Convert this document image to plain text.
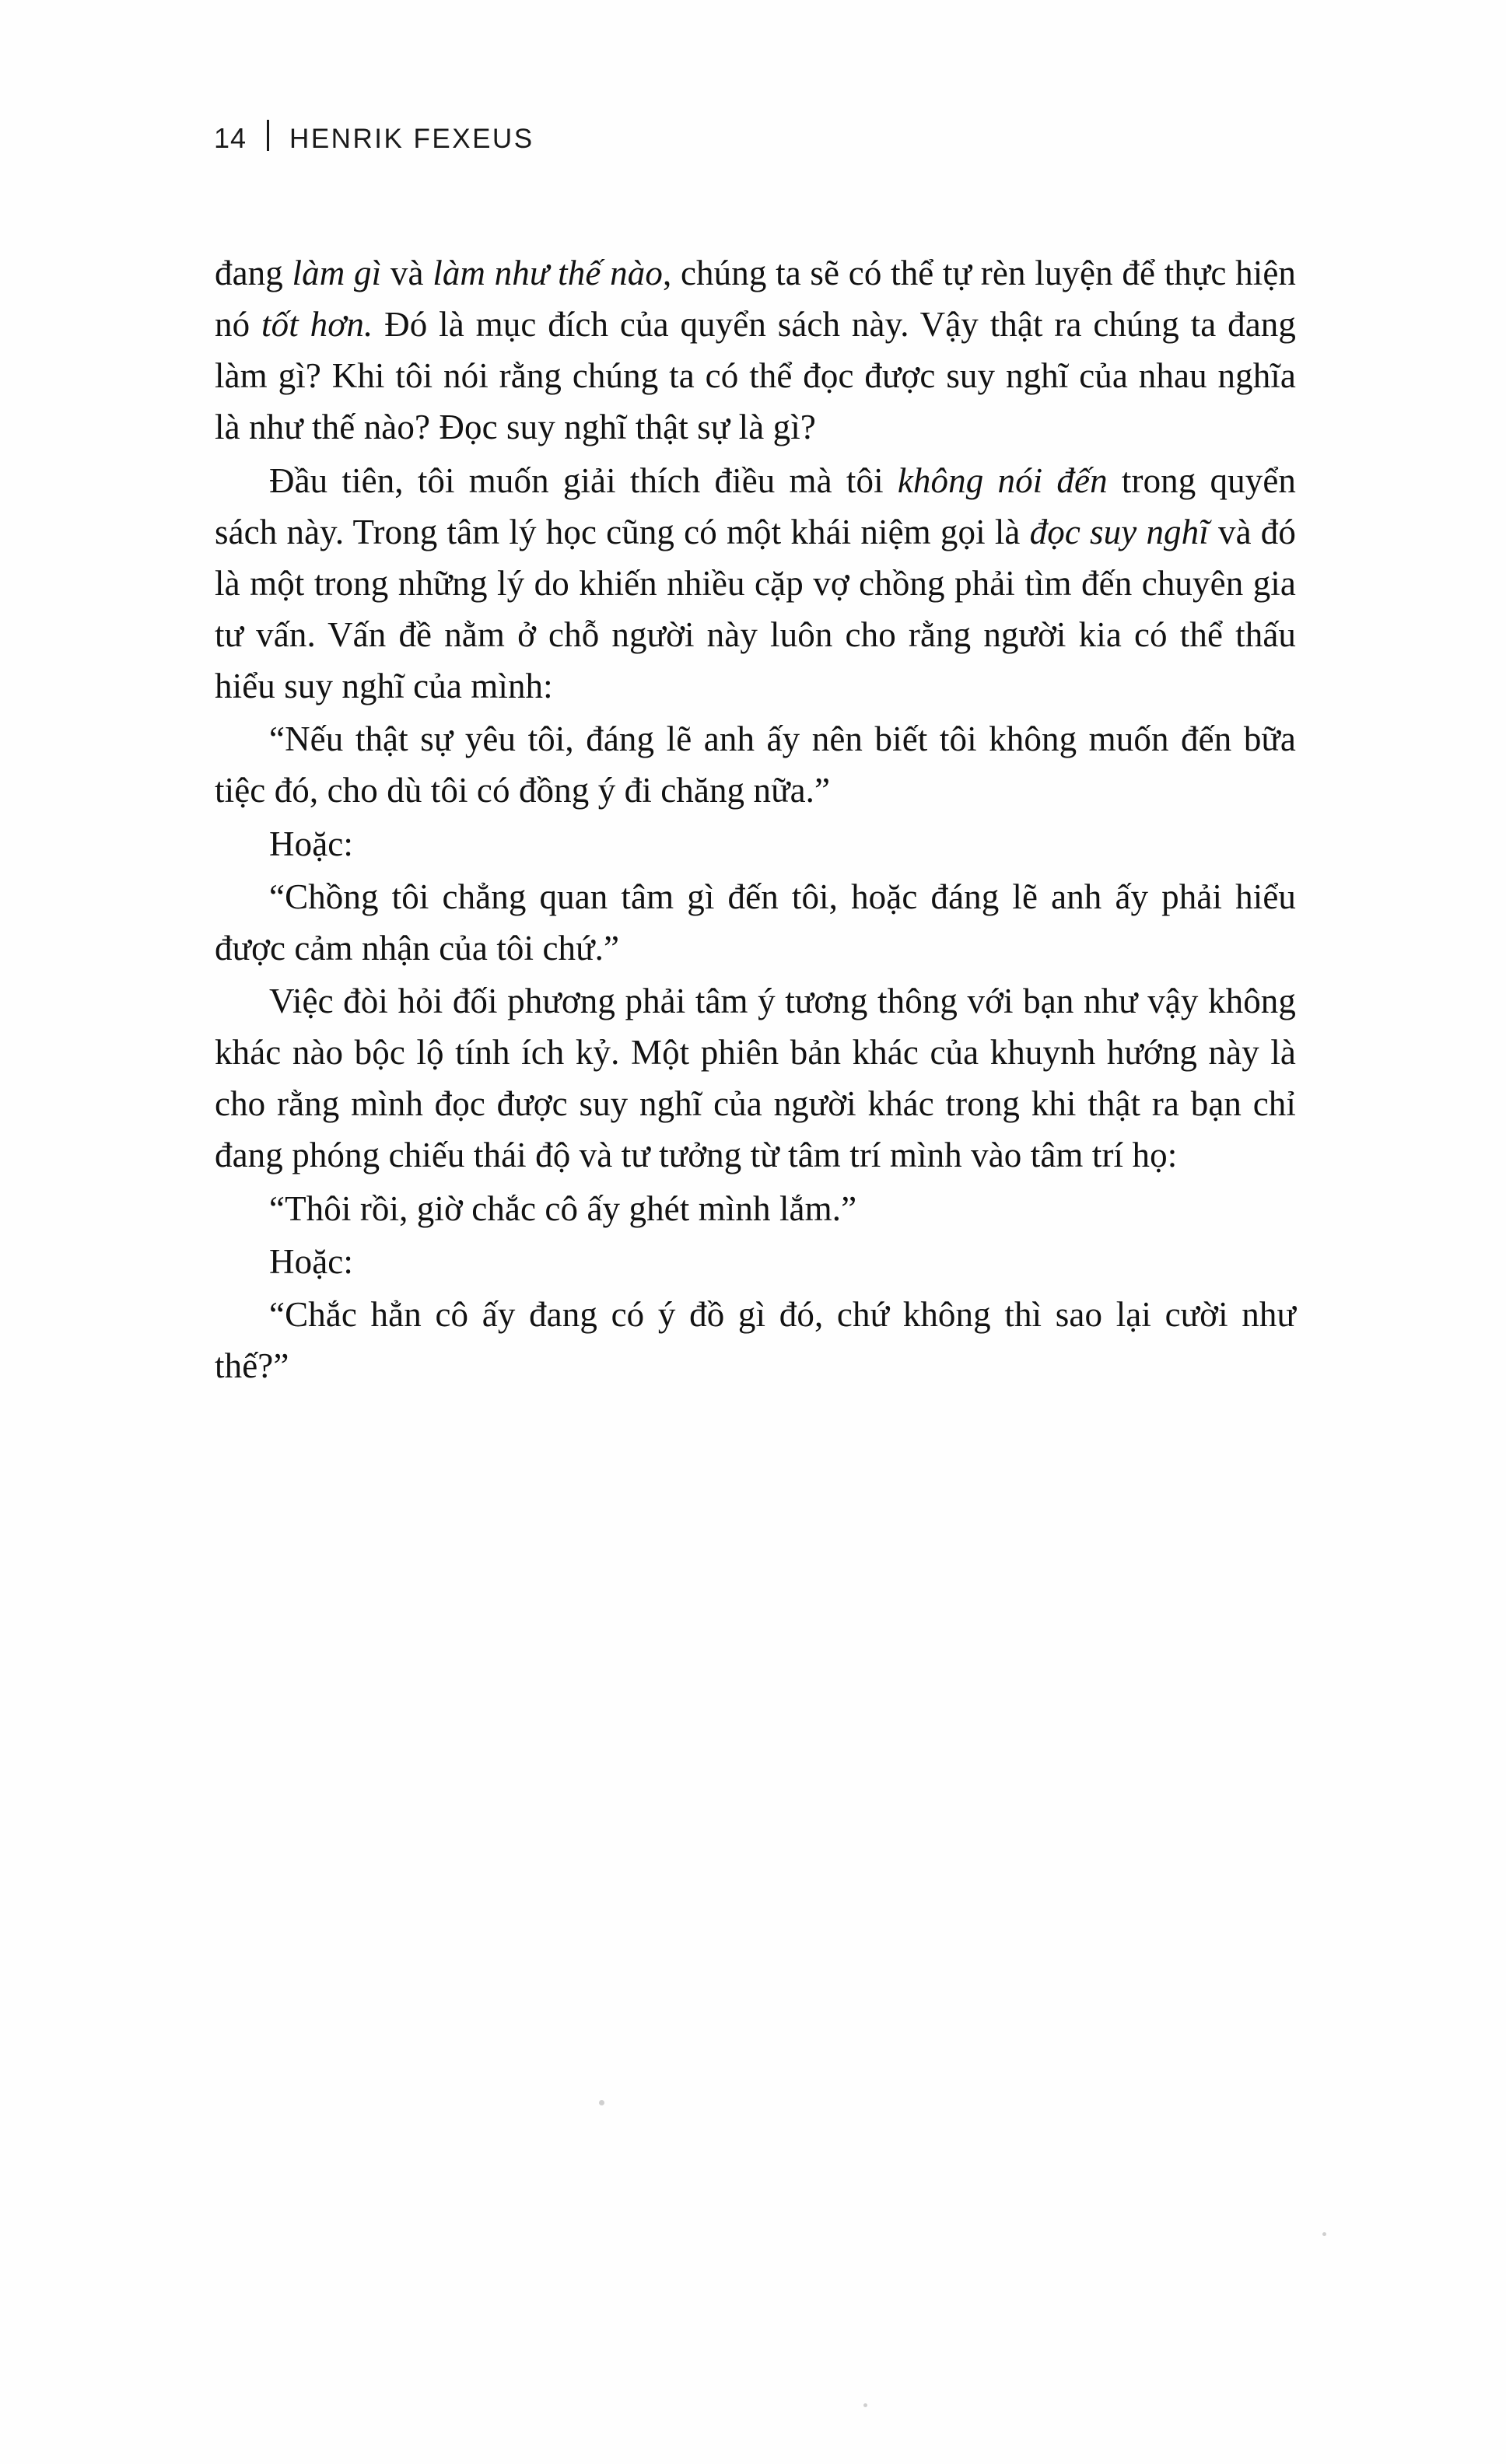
14 HENRIK FEXEUS

đang làm gì và làm như thế nào, chúng ta sẽ có thể tự rèn luyện để thực hiện nó tốt hơn. Đó là mục đích của quyển sách này. Vậy thật ra chúng ta đang làm gì? Khi tôi nói rằng chúng ta có thể đọc được suy nghĩ của nhau nghĩa là như thế nào? Đọc suy nghĩ thật sự là gì?

Đầu tiên, tôi muốn giải thích điều mà tôi không nói đến trong quyển sách này. Trong tâm lý học cũng có một khái niệm gọi là đọc suy nghĩ và đó là một trong những lý do khiến nhiều cặp vợ chồng phải tìm đến chuyên gia tư vấn. Vấn đề nằm ở chỗ người này luôn cho rằng người kia có thể thấu hiểu suy nghĩ của mình:

“Nếu thật sự yêu tôi, đáng lẽ anh ấy nên biết tôi không muốn đến bữa tiệc đó, cho dù tôi có đồng ý đi chăng nữa.”

Hoặc:

“Chồng tôi chẳng quan tâm gì đến tôi, hoặc đáng lẽ anh ấy phải hiểu được cảm nhận của tôi chứ.”

Việc đòi hỏi đối phương phải tâm ý tương thông với bạn như vậy không khác nào bộc lộ tính ích kỷ. Một phiên bản khác của khuynh hướng này là cho rằng mình đọc được suy nghĩ của người khác trong khi thật ra bạn chỉ đang phóng chiếu thái độ và tư tưởng từ tâm trí mình vào tâm trí họ:

“Thôi rồi, giờ chắc cô ấy ghét mình lắm.”

Hoặc:

“Chắc hẳn cô ấy đang có ý đồ gì đó, chứ không thì sao lại cười như thế?”
